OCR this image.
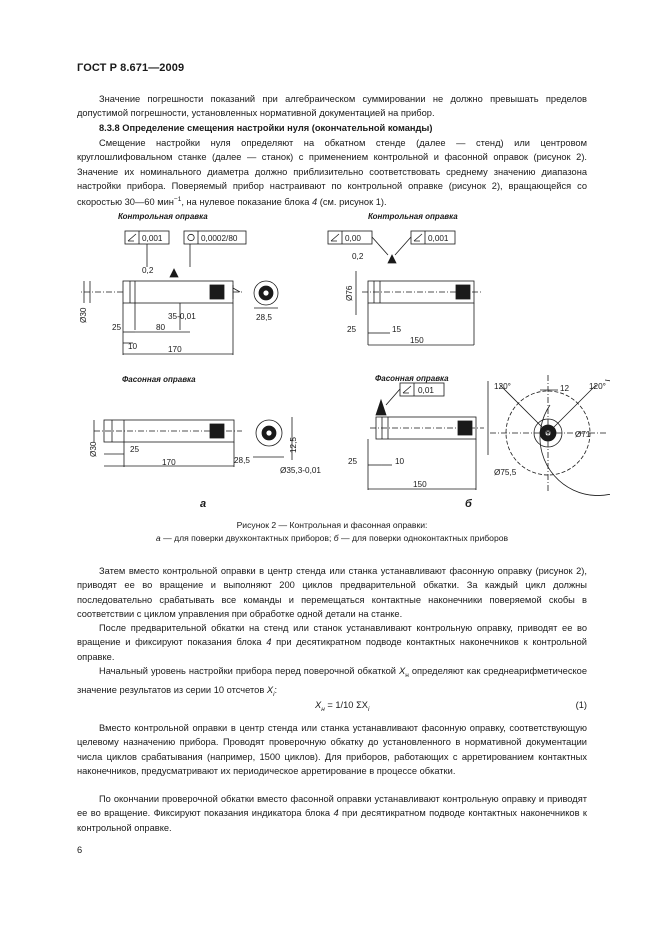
ГОСТ Р 8.671—2009

Значение погрешности показаний при алгебраическом суммировании не должно превышать пределов допустимой погрешности, установленных нормативной документацией на прибор.

8.3.8 Определение смещения настройки нуля (окончательной команды)

Смещение настройки нуля определяют на обкатном стенде (далее — стенд) или центровом круглошлифовальном станке (далее — станок) с применением контрольной и фасонной оправок (рисунок 2). Значение их номинального диаметра должно приблизительно соответствовать среднему значению диапазона настройки прибора. Поверяемый прибор настраивают по контрольной оправке (рисунок 2), вращающейся со скоростью 30—60 мин$^{-1}$, на нулевое показание блока 4 (см. рисунок 1).

Контрольная оправка
0,001	0,0002/80
0,2
Ø30	35-0,01
25	80
10	170
28,5
Фасонная оправка
Ø30	25
170	28,5
12,5
Ø35,3-0,01
а
Контрольная оправка
0,00	0,001
0,2
Ø76
25	15
150
Фасонная оправка
0,01
25	10
150
б
120°	120°
12
Ø71
Ø75,5
Рисунок 2 — Контрольная и фасонная оправки:
а — для поверки двухконтактных приборов; б — для поверки одноконтактных приборов

Затем вместо контрольной оправки в центр стенда или станка устанавливают фасонную оправку (рисунок 2), приводят ее во вращение и выполняют 200 циклов предварительной обкатки. За каждый цикл должны последовательно срабатывать все команды и перемещаться контактные наконечники поверяемой скобы в соответствии с циклом управления при обработке одной детали на станке.

После предварительной обкатки на стенд или станок устанавливают контрольную оправку, приводят ее во вращение и фиксируют показания блока 4 при десятикратном подводе контактных наконечников к контрольной оправке.

Начальный уровень настройки прибора перед поверочной обкаткой $X_н$ определяют как среднеарифметическое значение результатов из серии 10 отсчетов $X_i$:

$X_н = 1/10$ $\Sigma X_i$	(1)

Вместо контрольной оправки в центр стенда или станка устанавливают фасонную оправку, соответствующую целевому назначению прибора. Проводят проверочную обкатку до установленного в нормативной документации числа циклов срабатывания (например, 1500 циклов). Для приборов, работающих с арретированием контактных наконечников, предусматривают их периодическое арретирование в процессе обкатки.

По окончании проверочной обкатки вместо фасонной оправки устанавливают контрольную оправку и приводят ее во вращение. Фиксируют показания индикатора блока 4 при десятикратном подводе контактных наконечников к контрольной оправке.

6
